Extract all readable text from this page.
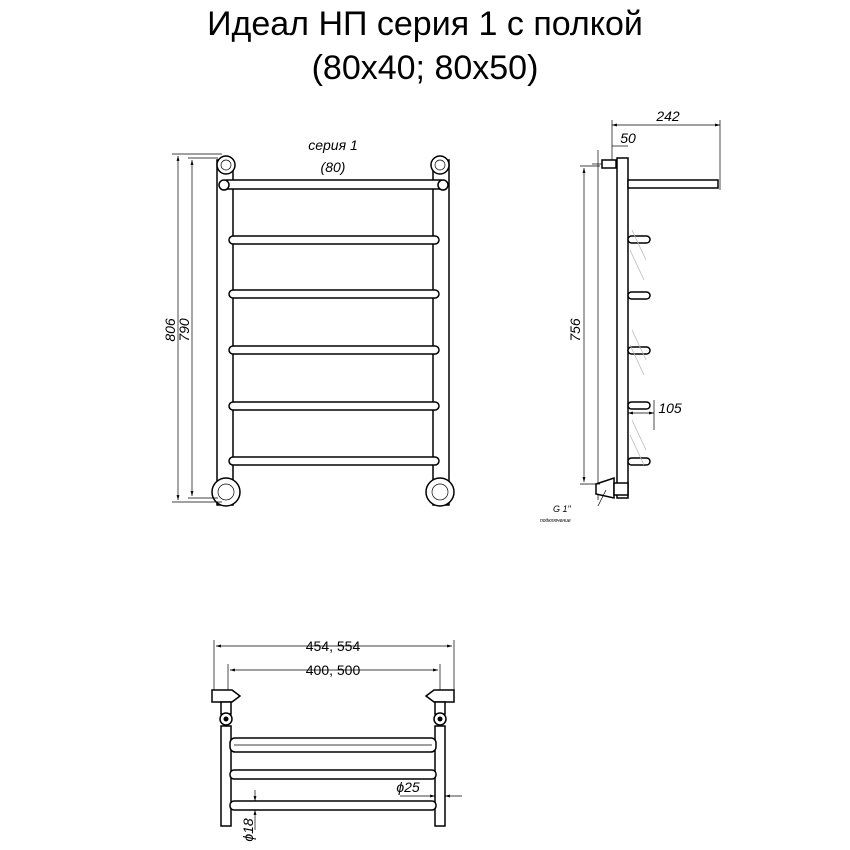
Идеал НП серия 1 с полкой
(80x40; 80x50)
серия 1
(80)
806
790
242
50
756
105
G 1"
подключение
454, 554
400, 500
ϕ25
ϕ18
